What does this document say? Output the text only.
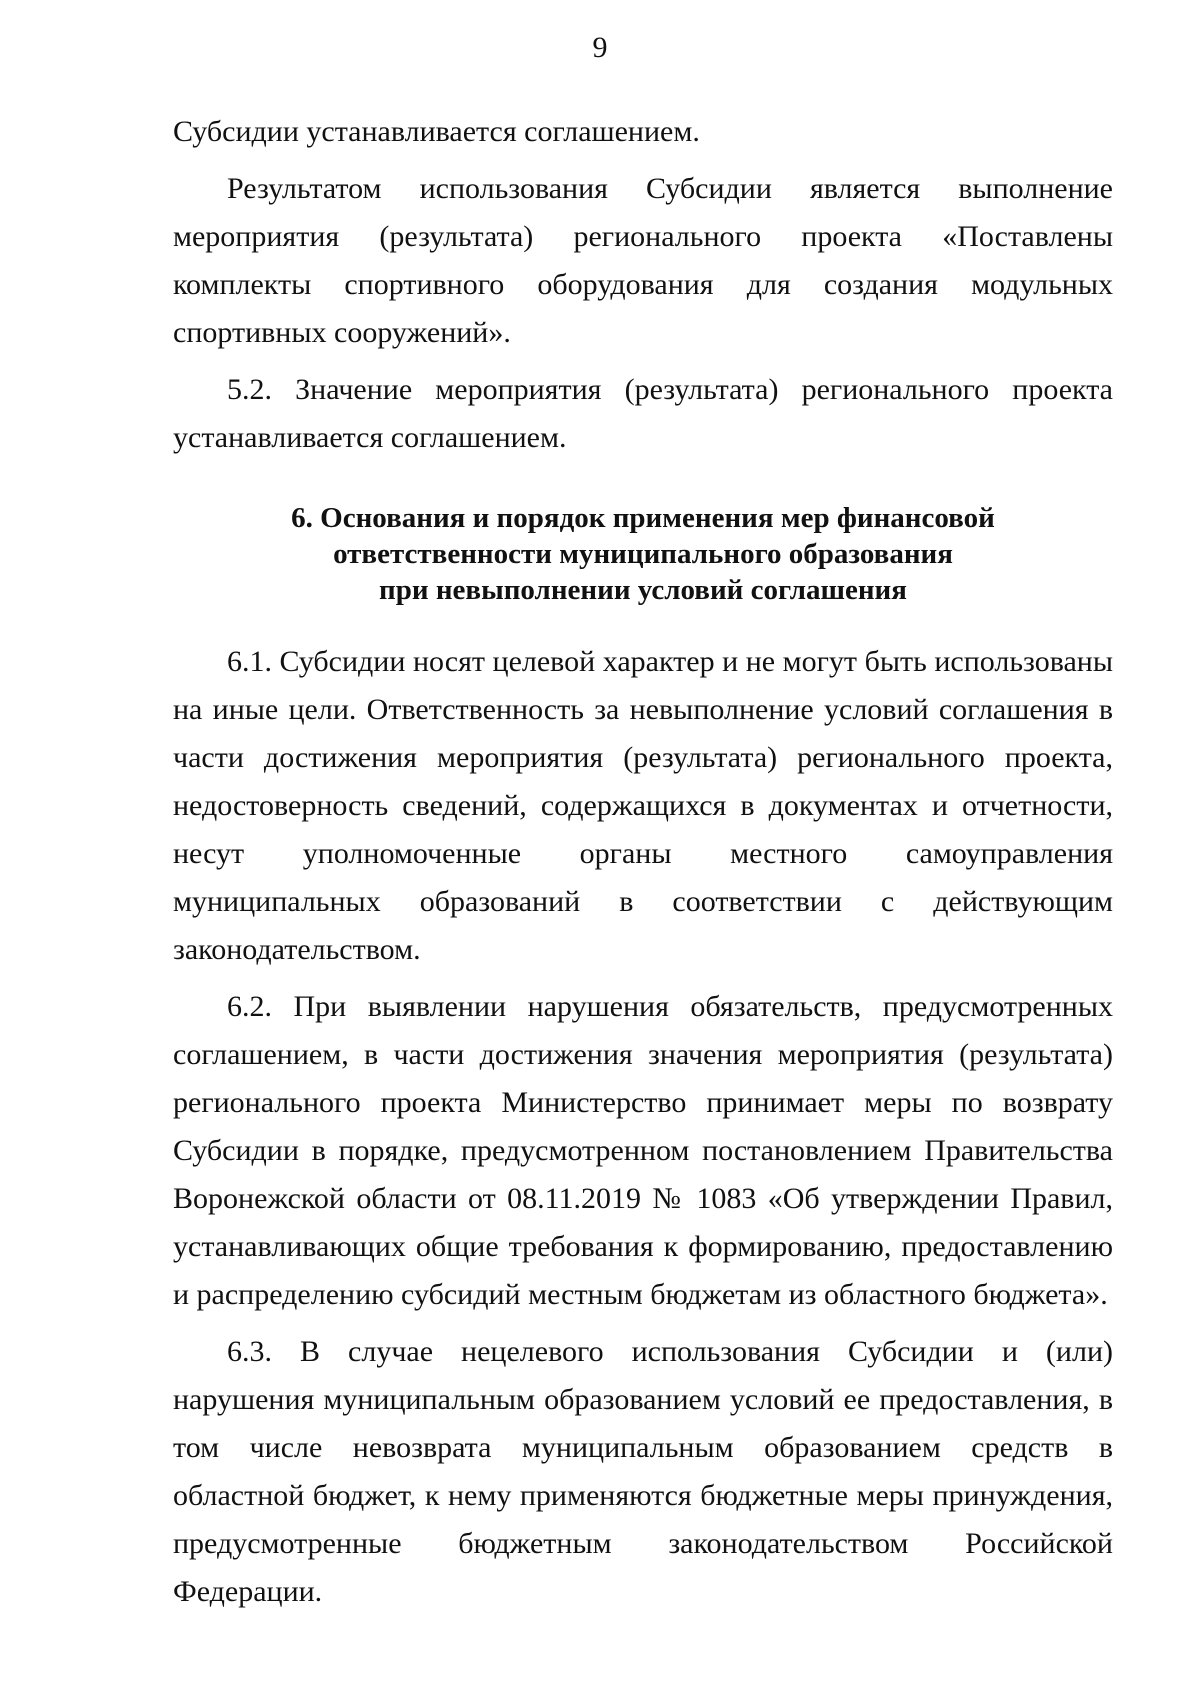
9

Субсидии устанавливается соглашением.

Результатом использования Субсидии является выполнение мероприятия (результата) регионального проекта «Поставлены комплекты спортивного оборудования для создания модульных спортивных сооружений».

5.2. Значение мероприятия (результата) регионального проекта устанавливается соглашением.

6. Основания и порядок применения мер финансовой
ответственности муниципального образования
при невыполнении условий соглашения

6.1. Субсидии носят целевой характер и не могут быть использованы на иные цели. Ответственность за невыполнение условий соглашения в части достижения мероприятия (результата) регионального проекта, недостоверность сведений, содержащихся в документах и отчетности, несут уполномоченные органы местного самоуправления муниципальных образований в соответствии с действующим законодательством.

6.2. При выявлении нарушения обязательств, предусмотренных соглашением, в части достижения значения мероприятия (результата) регионального проекта Министерство принимает меры по возврату Субсидии в порядке, предусмотренном постановлением Правительства Воронежской области от 08.11.2019 № 1083 «Об утверждении Правил, устанавливающих общие требования к формированию, предоставлению и распределению субсидий местным бюджетам из областного бюджета».

6.3. В случае нецелевого использования Субсидии и (или) нарушения муниципальным образованием условий ее предоставления, в том числе невозврата муниципальным образованием средств в областной бюджет, к нему применяются бюджетные меры принуждения, предусмотренные бюджетным законодательством Российской Федерации.
